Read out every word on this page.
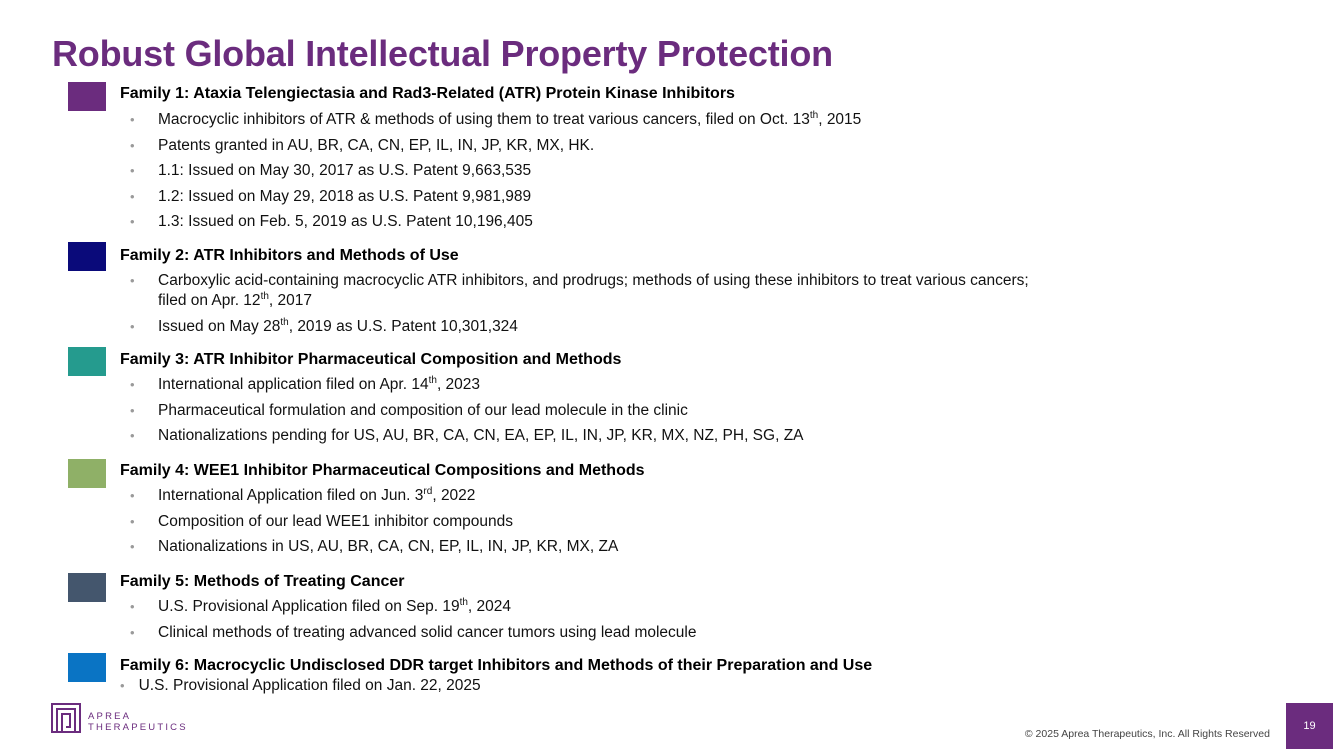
Robust Global Intellectual Property Protection
Family 1: Ataxia Telengiectasia and Rad3-Related (ATR) Protein Kinase Inhibitors
• Macrocyclic inhibitors of ATR & methods of using them to treat various cancers, filed on Oct. 13th, 2015
• Patents granted in AU, BR, CA, CN, EP, IL, IN, JP, KR, MX, HK.
• 1.1: Issued on May 30, 2017 as U.S. Patent 9,663,535
• 1.2: Issued on May 29, 2018 as U.S. Patent 9,981,989
• 1.3: Issued on Feb. 5, 2019 as U.S. Patent 10,196,405
Family 2: ATR Inhibitors and Methods of Use
• Carboxylic acid-containing macrocyclic ATR inhibitors, and prodrugs; methods of using these inhibitors to treat various cancers;
filed on Apr. 12th, 2017
• Issued on May 28th, 2019 as U.S. Patent 10,301,324
Family 3: ATR Inhibitor Pharmaceutical Composition and Methods
• International application filed on Apr. 14th, 2023
• Pharmaceutical formulation and composition of our lead molecule in the clinic
• Nationalizations pending for US, AU, BR, CA, CN, EA, EP, IL, IN, JP, KR, MX, NZ, PH, SG, ZA
Family 4: WEE1 Inhibitor Pharmaceutical Compositions and Methods
• International Application filed on Jun. 3rd, 2022
• Composition of our lead WEE1 inhibitor compounds
• Nationalizations in US, AU, BR, CA, CN, EP, IL, IN, JP, KR, MX, ZA
Family 5: Methods of Treating Cancer
• U.S. Provisional Application filed on Sep. 19th, 2024
• Clinical methods of treating advanced solid cancer tumors using lead molecule
Family 6: Macrocyclic Undisclosed DDR target Inhibitors and Methods of their Preparation and Use
• U.S. Provisional Application filed on Jan. 22, 2025
APREA
THERAPEUTICS
© 2025 Aprea Therapeutics, Inc. All Rights Reserved
19
